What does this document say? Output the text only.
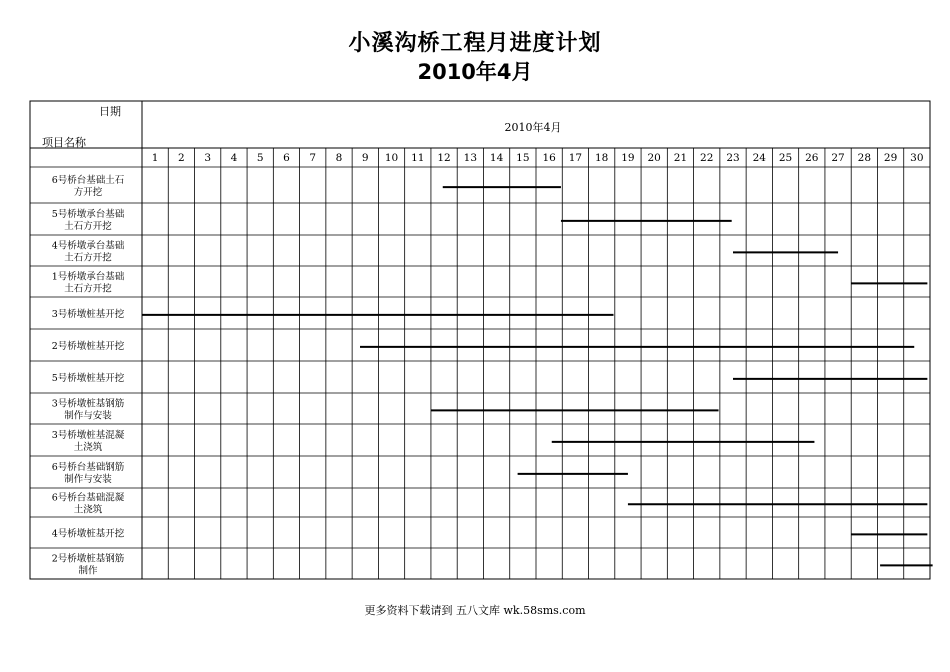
小溪沟桥工程月进度计划
2010年4月
日期
项目名称
2010年4月
1 2 3 4 5 6 7 8 9 10 11 12 13 14 15 16 17 18 19 20 21 22 23 24 25 26 27 28 29 30
6号桥台基础土石
方开挖
5号桥墩承台基础
土石方开挖
4号桥墩承台基础
土石方开挖
1号桥墩承台基础
土石方开挖
3号桥墩桩基开挖
2号桥墩桩基开挖
5号桥墩桩基开挖
3号桥墩桩基钢筋
制作与安装
3号桥墩桩基混凝
土浇筑
6号桥台基础钢筋
制作与安装
6号桥台基础混凝
土浇筑
4号桥墩桩基开挖
2号桥墩桩基钢筋
制作
更多资料下载请到 五八文库 wk.58sms.com
